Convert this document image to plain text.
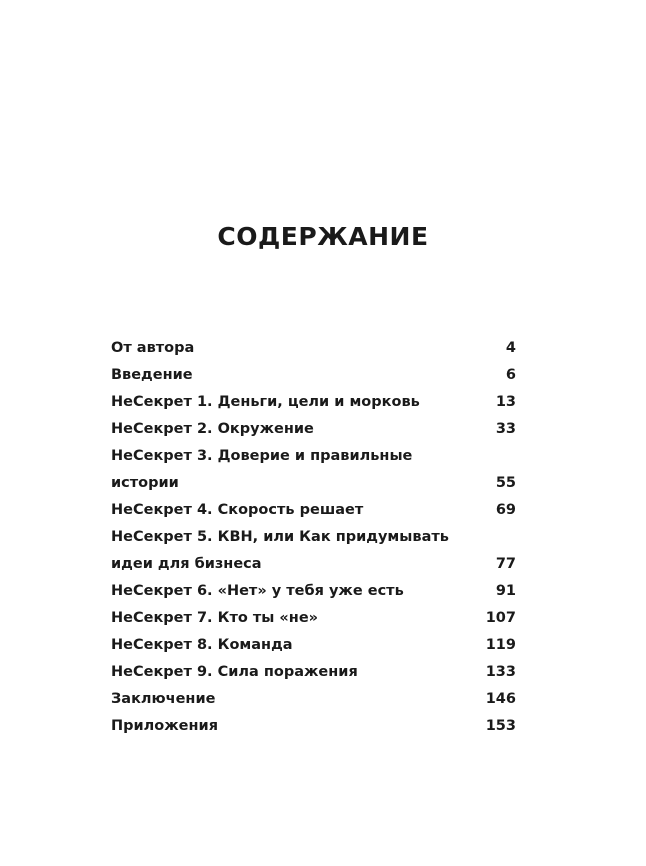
СОДЕРЖАНИЕ
От автора . . .	4
Введение . . .	6
НеСекрет 1. Деньги, цели и морковь . . .	13
НеСекрет 2. Окружение . . .	33
НеСекрет 3. Доверие и правильные
истории . . .	55
НеСекрет 4. Скорость решает . . .	69
НеСекрет 5. КВН, или Как придумывать
идеи для бизнеса . . .	77
НеСекрет 6. «Нет» у тебя уже есть . . .	91
НеСекрет 7. Кто ты «не» . . .	107
НеСекрет 8. Команда . . .	119
НеСекрет 9. Сила поражения . . .	133
Заключение . . .	146
Приложения . . .	153
